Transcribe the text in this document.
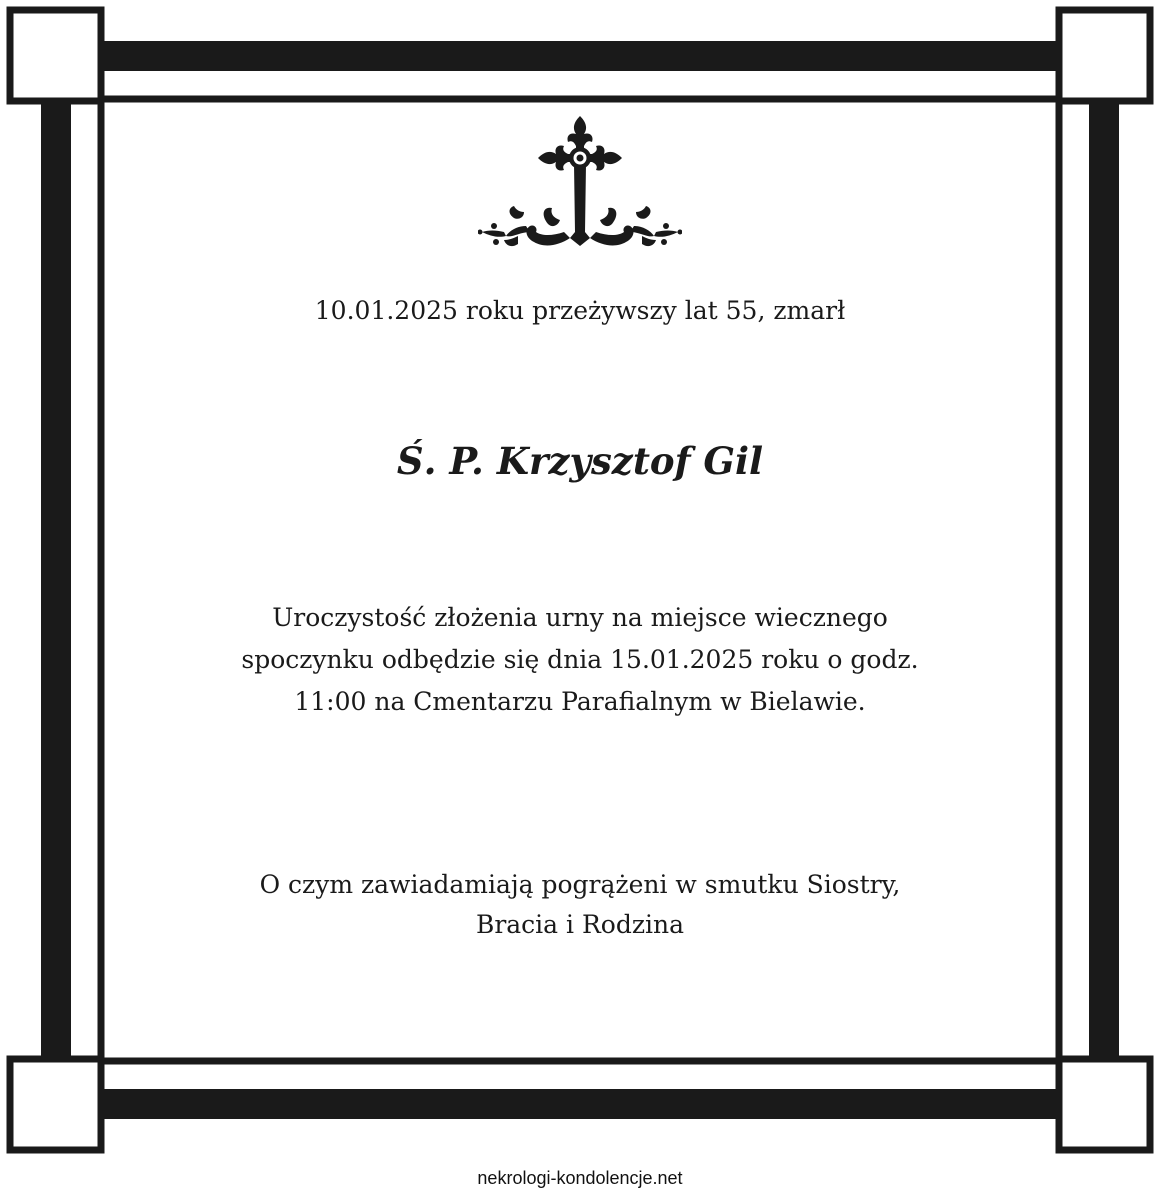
10.01.2025 roku przeżywszy lat 55, zmarł
Ś. P. Krzysztof Gil
Uroczystość złożenia urny na miejsce wiecznego spoczynku odbędzie się dnia 15.01.2025 roku o godz. 11:00 na Cmentarzu Parafialnym w Bielawie.
O czym zawiadamiają pogrążeni w smutku Siostry,
Bracia i Rodzina
nekrologi-kondolencje.net
